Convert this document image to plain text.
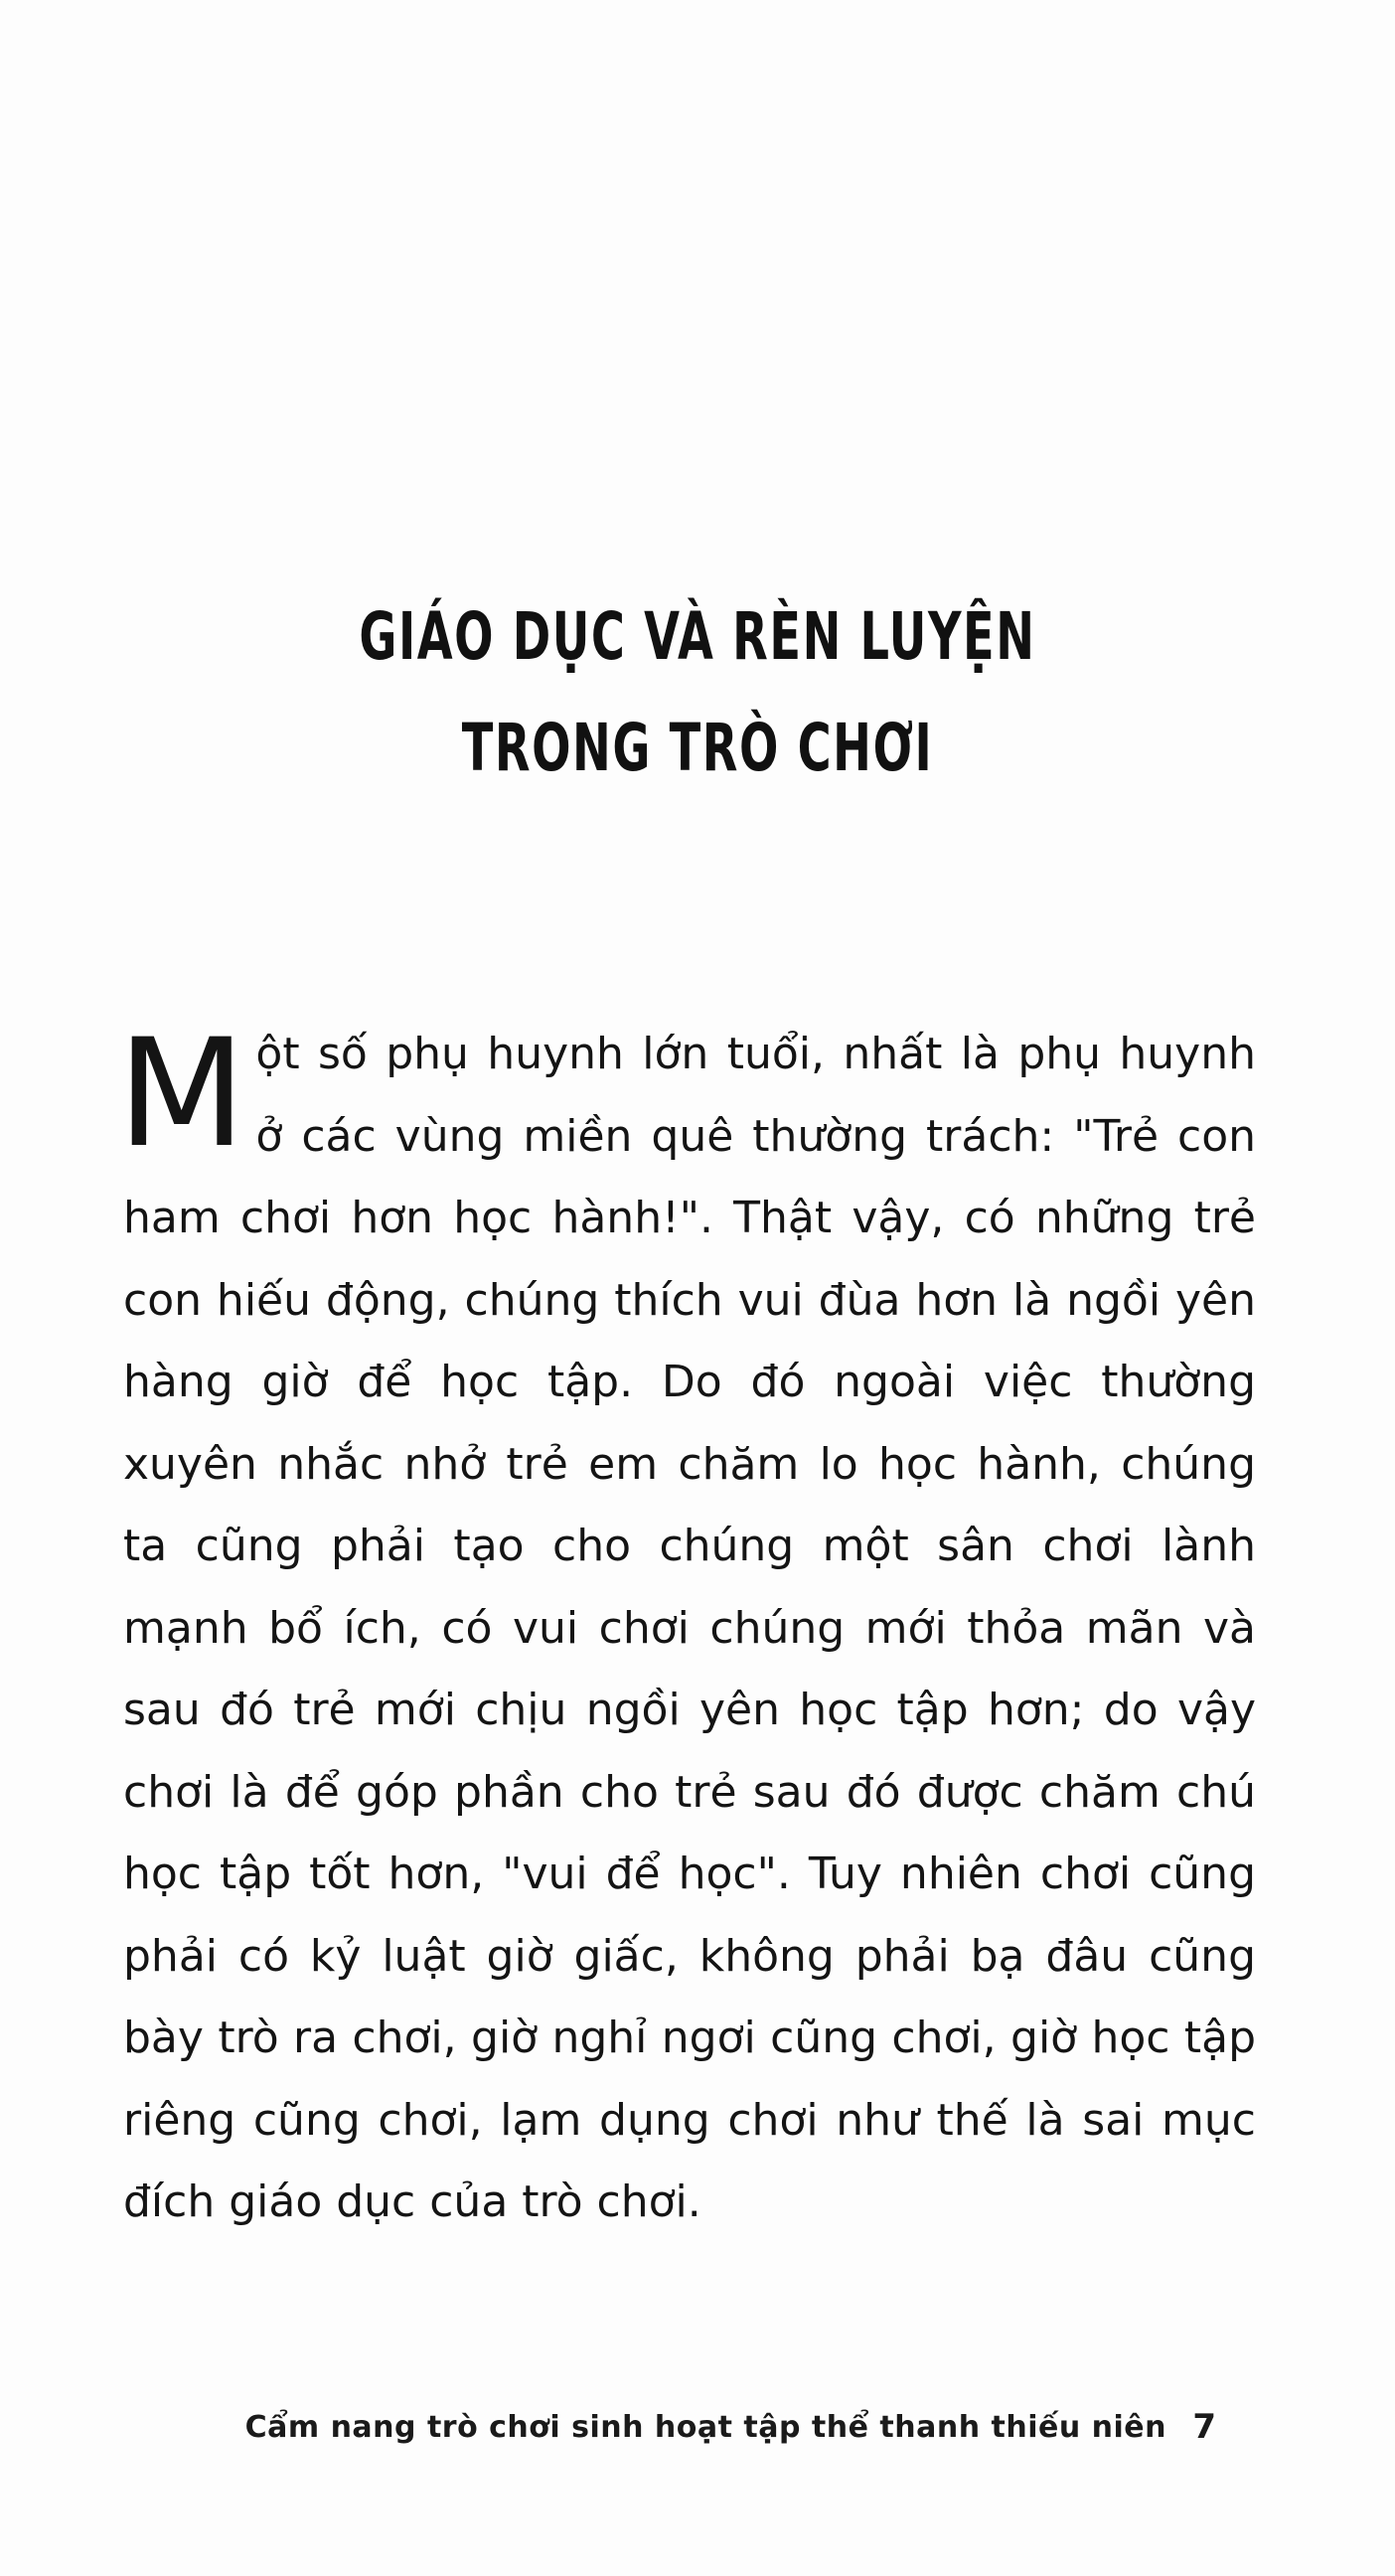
GIÁO DỤC VÀ RÈN LUYỆN
TRONG TRÒ CHƠI
Một số phụ huynh lớn tuổi, nhất là phụ huynh ở các vùng miền quê thường trách: "Trẻ con ham chơi hơn học hành!". Thật vậy, có những trẻ con hiếu động, chúng thích vui đùa hơn là ngồi yên hàng giờ để học tập. Do đó ngoài việc thường xuyên nhắc nhở trẻ em chăm lo học hành, chúng ta cũng phải tạo cho chúng một sân chơi lành mạnh bổ ích, có vui chơi chúng mới thỏa mãn và sau đó trẻ mới chịu ngồi yên học tập hơn; do vậy chơi là để góp phần cho trẻ sau đó được chăm chú học tập tốt hơn, "vui để học". Tuy nhiên chơi cũng phải có kỷ luật giờ giấc, không phải bạ đâu cũng bày trò ra chơi, giờ nghỉ ngơi cũng chơi, giờ học tập riêng cũng chơi, lạm dụng chơi như thế là sai mục đích giáo dục của trò chơi.
Cẩm nang trò chơi sinh hoạt tập thể thanh thiếu niên 7
